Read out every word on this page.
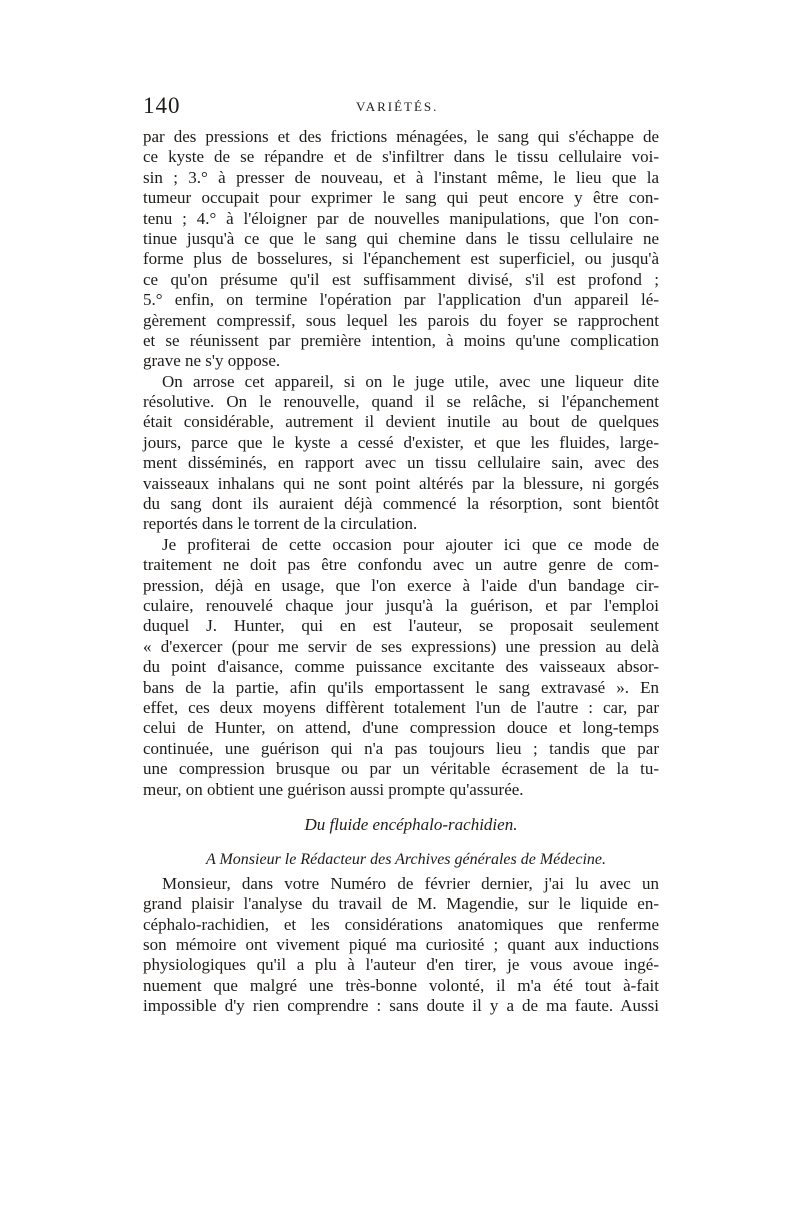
140	VARIÉTÉS.
par des pressions et des frictions ménagées, le sang qui s'échappe de
ce kyste de se répandre et de s'infiltrer dans le tissu cellulaire voi-
sin ; 3.° à presser de nouveau, et à l'instant même, le lieu que la
tumeur occupait pour exprimer le sang qui peut encore y être con-
tenu ; 4.° à l'éloigner par de nouvelles manipulations, que l'on con-
tinue jusqu'à ce que le sang qui chemine dans le tissu cellulaire ne
forme plus de bosselures, si l'épanchement est superficiel, ou jusqu'à
ce qu'on présume qu'il est suffisamment divisé, s'il est profond ;
5.° enfin, on termine l'opération par l'application d'un appareil lé-
gèrement compressif, sous lequel les parois du foyer se rapprochent
et se réunissent par première intention, à moins qu'une complication
grave ne s'y oppose.
On arrose cet appareil, si on le juge utile, avec une liqueur dite
résolutive. On le renouvelle, quand il se relâche, si l'épanchement
était considérable, autrement il devient inutile au bout de quelques
jours, parce que le kyste a cessé d'exister, et que les fluides, large-
ment disséminés, en rapport avec un tissu cellulaire sain, avec des
vaisseaux inhalans qui ne sont point altérés par la blessure, ni gorgés
du sang dont ils auraient déjà commencé la résorption, sont bientôt
reportés dans le torrent de la circulation.
Je profiterai de cette occasion pour ajouter ici que ce mode de
traitement ne doit pas être confondu avec un autre genre de com-
pression, déjà en usage, que l'on exerce à l'aide d'un bandage cir-
culaire, renouvelé chaque jour jusqu'à la guérison, et par l'emploi
duquel J. Hunter, qui en est l'auteur, se proposait seulement
« d'exercer (pour me servir de ses expressions) une pression au delà
du point d'aisance, comme puissance excitante des vaisseaux absor-
bans de la partie, afin qu'ils emportassent le sang extravasé ». En
effet, ces deux moyens diffèrent totalement l'un de l'autre : car, par
celui de Hunter, on attend, d'une compression douce et long-temps
continuée, une guérison qui n'a pas toujours lieu ; tandis que par
une compression brusque ou par un véritable écrasement de la tu-
meur, on obtient une guérison aussi prompte qu'assurée.
Du fluide encéphalo-rachidien.
A Monsieur le Rédacteur des Archives générales de Médecine.
Monsieur, dans votre Numéro de février dernier, j'ai lu avec un
grand plaisir l'analyse du travail de M. Magendie, sur le liquide en-
céphalo-rachidien, et les considérations anatomiques que renferme
son mémoire ont vivement piqué ma curiosité ; quant aux inductions
physiologiques qu'il a plu à l'auteur d'en tirer, je vous avoue ingé-
nuement que malgré une très-bonne volonté, il m'a été tout à-fait
impossible d'y rien comprendre : sans doute il y a de ma faute. Aussi
